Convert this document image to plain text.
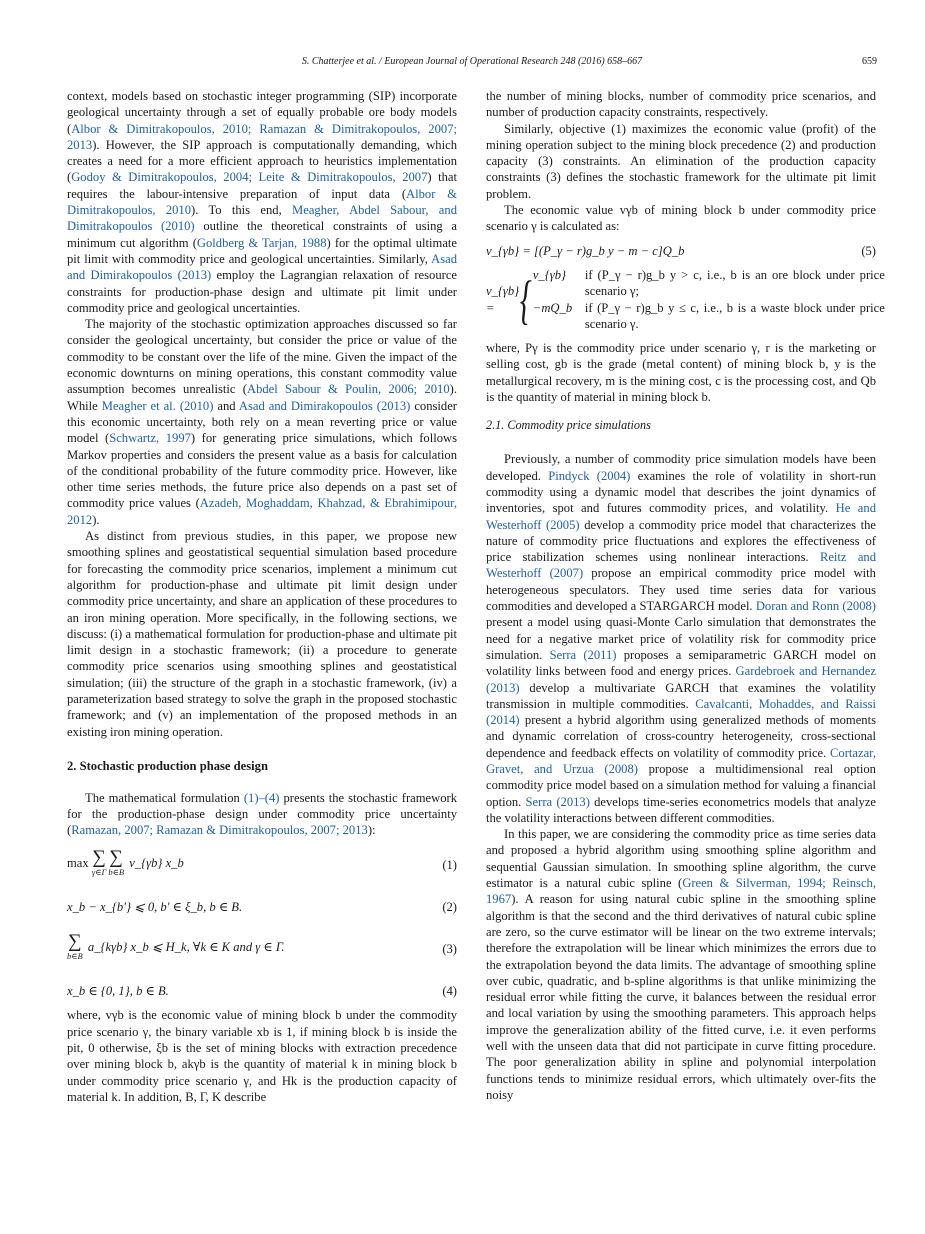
S. Chatterjee et al. / European Journal of Operational Research 248 (2016) 658–667	659

context, models based on stochastic integer programming (SIP) incorporate geological uncertainty through a set of equally probable ore body models (Albor & Dimitrakopoulos, 2010; Ramazan & Dimitrakopoulos, 2007; 2013). However, the SIP approach is computationally demanding, which creates a need for a more efficient approach to heuristics implementation (Godoy & Dimitrakopoulos, 2004; Leite & Dimitrakopoulos, 2007) that requires the labour-intensive preparation of input data (Albor & Dimitrakopoulos, 2010). To this end, Meagher, Abdel Sabour, and Dimitrakopoulos (2010) outline the theoretical constraints of using a minimum cut algorithm (Goldberg & Tarjan, 1988) for the optimal ultimate pit limit with commodity price and geological uncertainties. Similarly, Asad and Dimirakopoulos (2013) employ the Lagrangian relaxation of resource constraints for production-phase design and ultimate pit limit under commodity price and geological uncertainties.

The majority of the stochastic optimization approaches discussed so far consider the geological uncertainty, but consider the price or value of the commodity to be constant over the life of the mine. Given the impact of the economic downturns on mining operations, this constant commodity value assumption becomes unrealistic (Abdel Sabour & Poulin, 2006; 2010). While Meagher et al. (2010) and Asad and Dimirakopoulos (2013) consider this economic uncertainty, both rely on a mean reverting price or value model (Schwartz, 1997) for generating price simulations, which follows Markov properties and considers the present value as a basis for calculation of the conditional probability of the future commodity price. However, like other time series methods, the future price also depends on a past set of commodity price values (Azadeh, Moghaddam, Khahzad, & Ebrahimipour, 2012).

As distinct from previous studies, in this paper, we propose new smoothing splines and geostatistical sequential simulation based procedure for forecasting the commodity price scenarios, implement a minimum cut algorithm for production-phase and ultimate pit limit design under commodity price uncertainty, and share an application of these procedures to an iron mining operation. More specifically, in the following sections, we discuss: (i) a mathematical formulation for production-phase and ultimate pit limit design in a stochastic framework; (ii) a procedure to generate commodity price scenarios using smoothing splines and geostatistical simulation; (iii) the structure of the graph in a stochastic framework, (iv) a parameterization based strategy to solve the graph in the proposed stochastic framework; and (v) an implementation of the proposed methods in an existing iron mining operation.

2. Stochastic production phase design

The mathematical formulation (1)–(4) presents the stochastic framework for the production-phase design under commodity price uncertainty (Ramazan, 2007; Ramazan & Dimitrakopoulos, 2007; 2013):

max ∑
γ∈Γ
∑
b∈B
v_{γb} x_b	(1)
x_b − x_{b′} ⩽ 0, b′ ∈ ξ_b, b ∈ B.	(2)
∑
b∈B
a_{kγb} x_b ⩽ H_k, ∀k ∈ K and γ ∈ Γ.	(3)
x_b ∈ {0, 1}, b ∈ B.	(4)

where, vγb is the economic value of mining block b under the commodity price scenario γ, the binary variable xb is 1, if mining block b is inside the pit, 0 otherwise, ξb is the set of mining blocks with extraction precedence over mining block b, akγb is the quantity of material k in mining block b under commodity price scenario γ, and Hk is the production capacity of material k. In addition, B, Γ, K describe

the number of mining blocks, number of commodity price scenarios, and number of production capacity constraints, respectively.

Similarly, objective (1) maximizes the economic value (profit) of the mining operation subject to the mining block precedence (2) and production capacity (3) constraints. An elimination of the production capacity constraints (3) defines the stochastic framework for the ultimate pit limit problem.

The economic value vγb of mining block b under commodity price scenario γ is calculated as:

v_{γb} = [(P_γ − r)g_b y − m − c]Q_b	(5)
v_{γb} = { v_{γb}	if (P_γ − r)g_b y > c, i.e., b is an ore block under price scenario γ;
−mQ_b	if (P_γ − r)g_b y ≤ c, i.e., b is a waste block under price scenario γ.

where, Pγ is the commodity price under scenario γ, r is the marketing or selling cost, gb is the grade (metal content) of mining block b, y is the metallurgical recovery, m is the mining cost, c is the processing cost, and Qb is the quantity of material in mining block b.

2.1. Commodity price simulations

Previously, a number of commodity price simulation models have been developed. Pindyck (2004) examines the role of volatility in short-run commodity using a dynamic model that describes the joint dynamics of inventories, spot and futures commodity prices, and volatility. He and Westerhoff (2005) develop a commodity price model that characterizes the nature of commodity price fluctuations and explores the effectiveness of price stabilization schemes using nonlinear interactions. Reitz and Westerhoff (2007) propose an empirical commodity price model with heterogeneous speculators. They used time series data for various commodities and developed a STARGARCH model. Doran and Ronn (2008) present a model using quasi-Monte Carlo simulation that demonstrates the need for a negative market price of volatility risk for commodity price simulation. Serra (2011) proposes a semiparametric GARCH model on volatility links between food and energy prices. Gardebroek and Hernandez (2013) develop a multivariate GARCH that examines the volatility transmission in multiple commodities. Cavalcanti, Mohaddes, and Raissi (2014) present a hybrid algorithm using generalized methods of moments and dynamic correlation of cross-country heterogeneity, cross-sectional dependence and feedback effects on volatility of commodity price. Cortazar, Gravet, and Urzua (2008) propose a multidimensional real option commodity price model based on a simulation method for valuing a financial option. Serra (2013) develops time-series econometrics models that analyze the volatility interactions between different commodities.

In this paper, we are considering the commodity price as time series data and proposed a hybrid algorithm using smoothing spline algorithm and sequential Gaussian simulation. In smoothing spline algorithm, the curve estimator is a natural cubic spline (Green & Silverman, 1994; Reinsch, 1967). A reason for using natural cubic spline in the smoothing spline algorithm is that the second and the third derivatives of natural cubic spline are zero, so the curve estimator will be linear on the two extreme intervals; therefore the extrapolation will be linear which minimizes the errors due to the extrapolation beyond the data limits. The advantage of smoothing spline over cubic, quadratic, and b-spline algorithms is that unlike minimizing the residual error while fitting the curve, it balances between the residual error and local variation by using the smoothing parameters. This approach helps improve the generalization ability of the fitted curve, i.e. it even performs well with the unseen data that did not participate in curve fitting procedure. The poor generalization ability in spline and polynomial interpolation functions tends to minimize residual errors, which ultimately over-fits the noisy
